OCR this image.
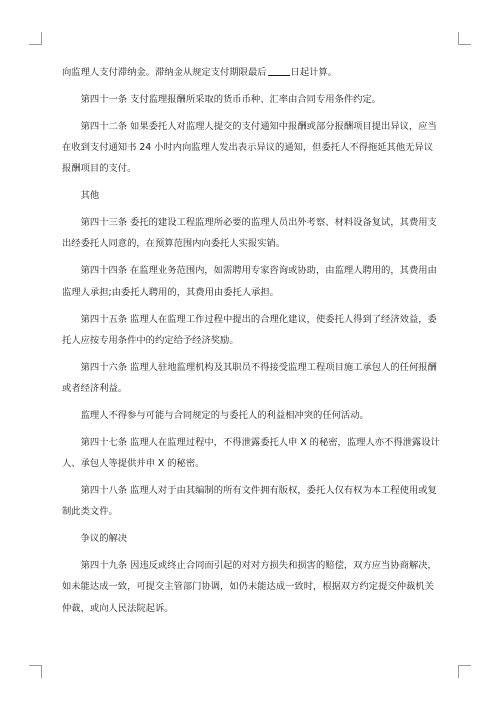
向监理人支付滞纳金。滞纳金从规定支付期限最后	日起计算。

第四十一条 支付监理报酬所采取的货币币种、汇率由合同专用条件约定。

第四十二条 如果委托人对监理人提交的支付通知中报酬或部分报酬项目提出异议，应当在收到支付通知书 24 小时内向监理人发出表示异议的通知，但委托人不得拖延其他无异议报酬项目的支付。

其他

第四十三条 委托的建设工程监理所必要的监理人员出外考察、材料设备复试，其费用支出经委托人同意的，在预算范围内向委托人实报实销。

第四十四条 在监理业务范围内，如需聘用专家咨询或协助，由监理人聘用的，其费用由监理人承担;由委托人聘用的，其费用由委托人承担。

第四十五条 监理人在监理工作过程中提出的合理化建议，使委托人得到了经济效益，委托人应按专用条件中的约定给予经济奖励。

第四十六条 监理人驻地监理机构及其职员不得接受监理工程项目施工承包人的任何报酬或者经济利益。

监理人不得参与可能与合同规定的与委托人的利益相冲突的任何活动。

第四十七条 监理人在监理过程中，不得泄露委托人申 X 的秘密，监理人亦不得泄露设计人、承包人等提供并申 X 的秘密。

第四十八条 监理人对于由其编制的所有文件拥有版权，委托人仅有权为本工程使用或复制此类文件。

争议的解决

第四十九条 因违反或终止合同而引起的对对方损失和损害的赔偿，双方应当协商解决，如未能达成一致，可提交主管部门协调，如仍未能达成一致时，根据双方约定提交仲裁机关仲裁，或向人民法院起诉。
